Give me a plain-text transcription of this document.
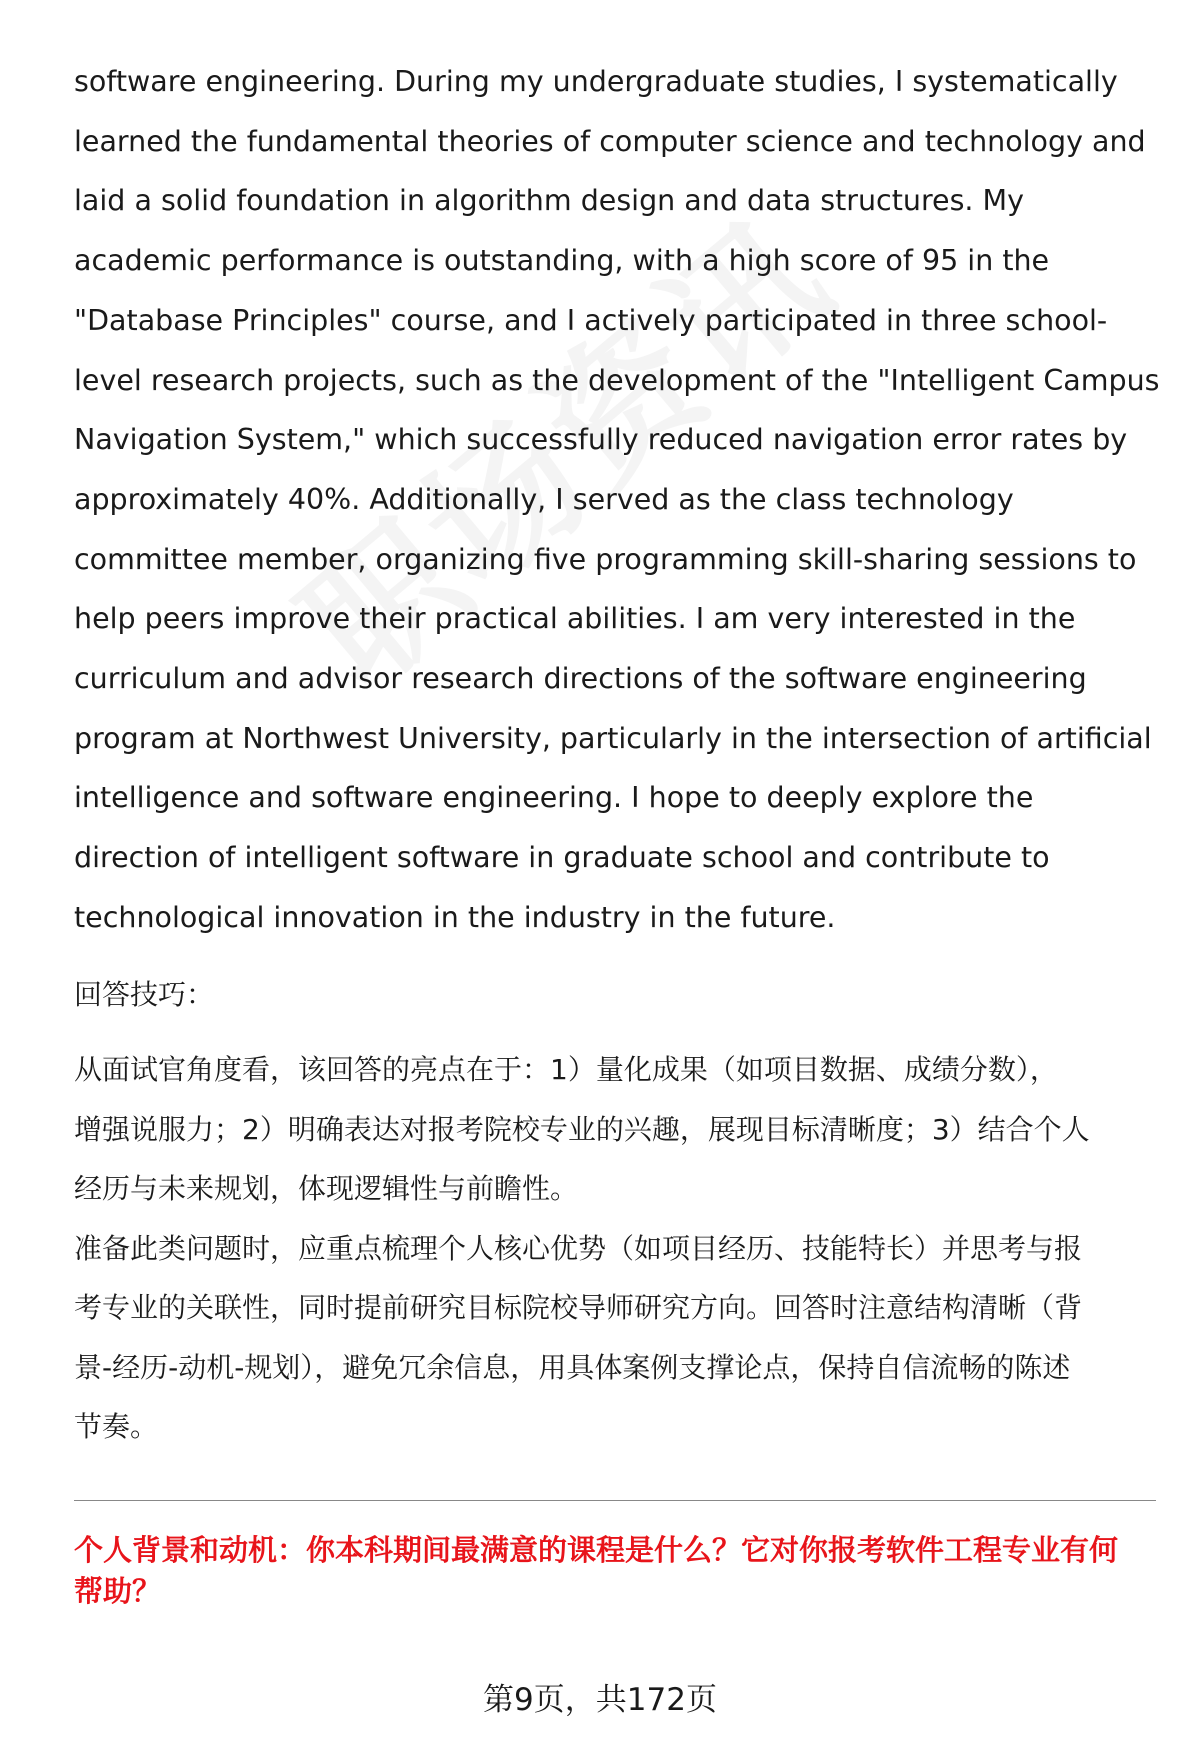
software engineering. During my undergraduate studies, I systematically
learned the fundamental theories of computer science and technology and
laid a solid foundation in algorithm design and data structures. My
academic performance is outstanding, with a high score of 95 in the
"Database Principles" course, and I actively participated in three school-
level research projects, such as the development of the "Intelligent Campus
Navigation System," which successfully reduced navigation error rates by
approximately 40%. Additionally, I served as the class technology
committee member, organizing five programming skill-sharing sessions to
help peers improve their practical abilities. I am very interested in the
curriculum and advisor research directions of the software engineering
program at Northwest University, particularly in the intersection of artificial
intelligence and software engineering. I hope to deeply explore the
direction of intelligent software in graduate school and contribute to
technological innovation in the industry in the future.
回答技巧：
从面试官角度看，该回答的亮点在于：1）量化成果（如项目数据、成绩分数），
增强说服力；2）明确表达对报考院校专业的兴趣，展现目标清晰度；3）结合个人
经历与未来规划，体现逻辑性与前瞻性。
准备此类问题时，应重点梳理个人核心优势（如项目经历、技能特长）并思考与报
考专业的关联性，同时提前研究目标院校导师研究方向。回答时注意结构清晰（背
景-经历-动机-规划），避免冗余信息，用具体案例支撑论点，保持自信流畅的陈述
节奏。
个人背景和动机：你本科期间最满意的课程是什么？它对你报考软件工程专业有何
帮助？
第9页，共172页
